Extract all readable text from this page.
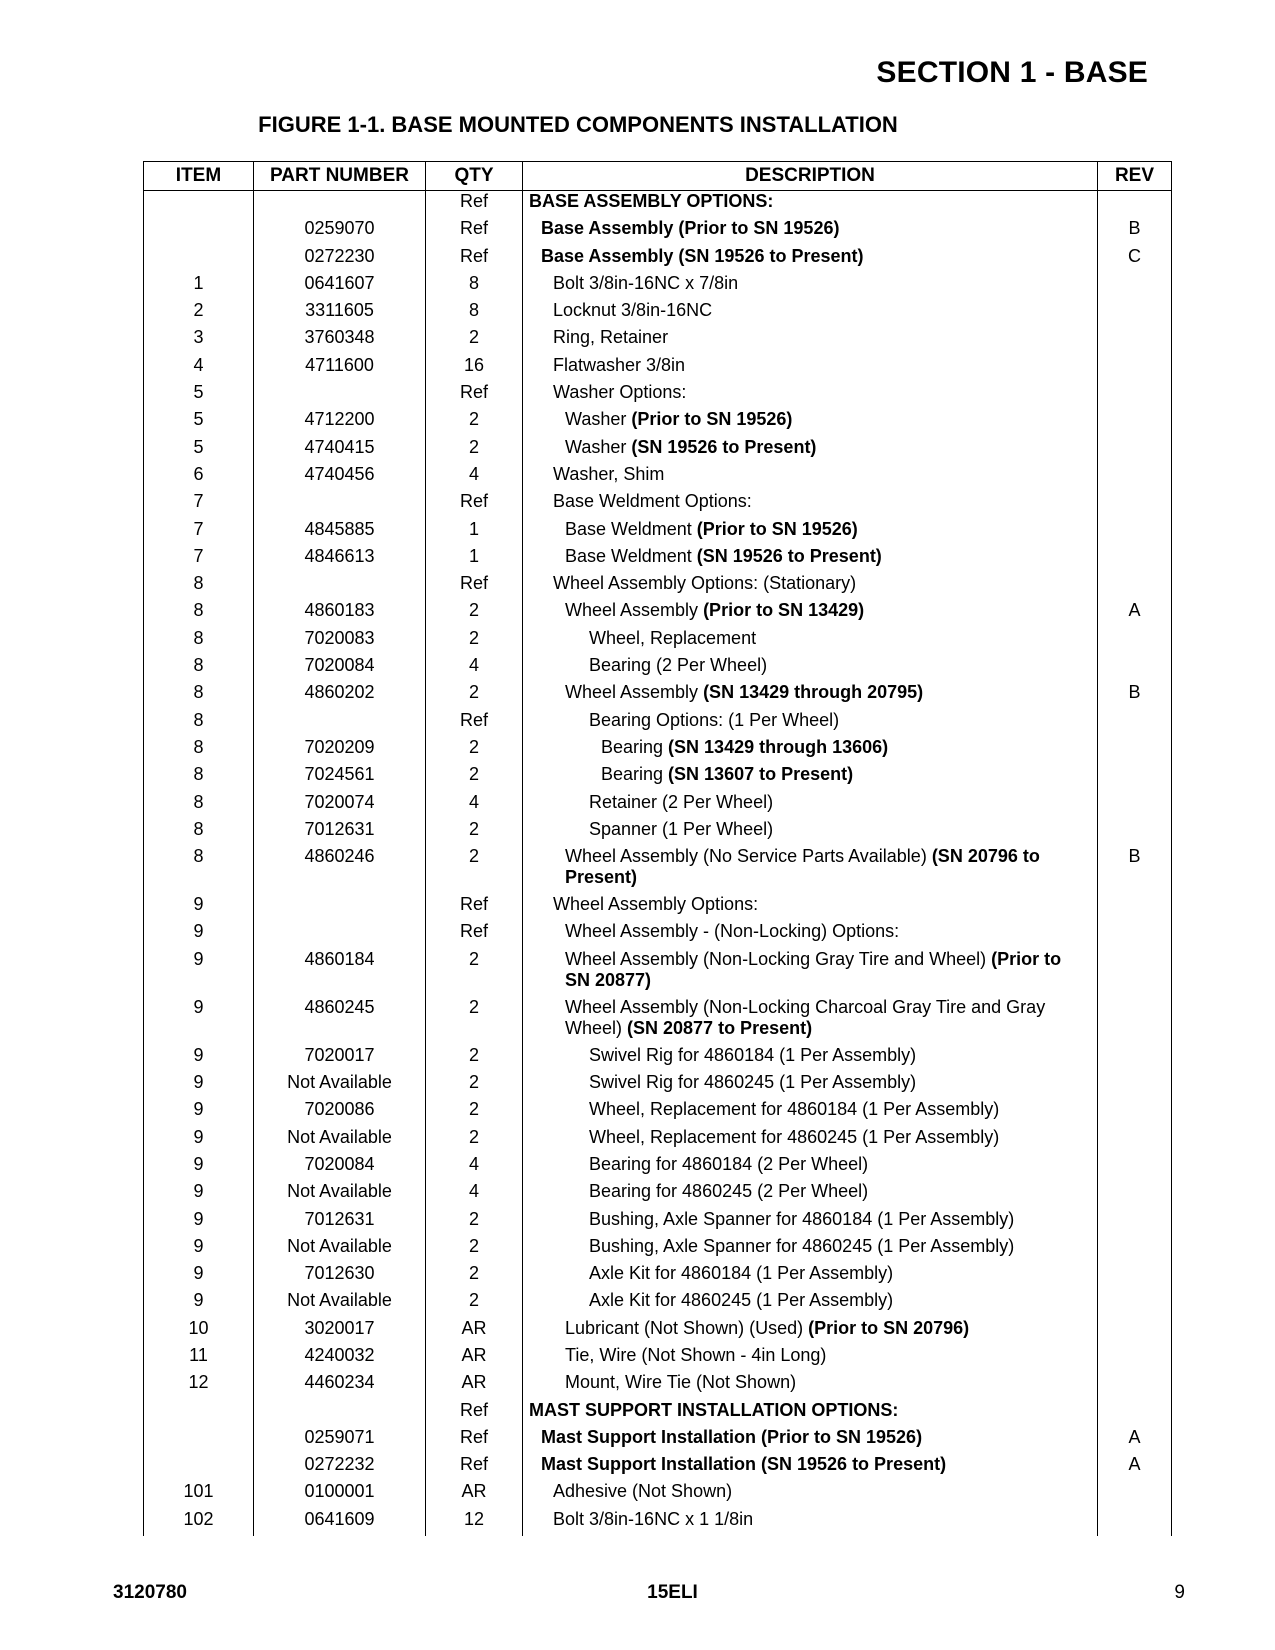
SECTION 1 - BASE
FIGURE 1-1. BASE MOUNTED COMPONENTS INSTALLATION
ITEM	PART NUMBER	QTY	DESCRIPTION	REV
		Ref	BASE ASSEMBLY OPTIONS:	
	0259070	Ref	Base Assembly (Prior to SN 19526)	B
	0272230	Ref	Base Assembly (SN 19526 to Present)	C
1	0641607	8	Bolt 3/8in-16NC x 7/8in	

2	3311605	8	Locknut 3/8in-16NC	

3	3760348	2	Ring, Retainer	

4	4711600	16	Flatwasher 3/8in	

5		Ref	Washer Options:	

5	4712200	2	Washer (Prior to SN 19526)	

5	4740415	2	Washer (SN 19526 to Present)	

6	4740456	4	Washer, Shim	

7		Ref	Base Weldment Options:	

7	4845885	1	Base Weldment (Prior to SN 19526)	

7	4846613	1	Base Weldment (SN 19526 to Present)	

8		Ref	Wheel Assembly Options: (Stationary)	

8	4860183	2	Wheel Assembly (Prior to SN 13429)	A
8	7020083	2	Wheel, Replacement	

8	7020084	4	Bearing (2 Per Wheel)	

8	4860202	2	Wheel Assembly (SN 13429 through 20795)	B
8		Ref	Bearing Options: (1 Per Wheel)	

8	7020209	2	Bearing (SN 13429 through 13606)	

8	7024561	2	Bearing (SN 13607 to Present)	

8	7020074	4	Retainer (2 Per Wheel)	

8	7012631	2	Spanner (1 Per Wheel)	

8	4860246	2	Wheel Assembly (No Service Parts Available) (SN 20796 to Present)	B
9		Ref	Wheel Assembly Options:	

9		Ref	Wheel Assembly - (Non-Locking) Options:	

9	4860184	2	Wheel Assembly (Non-Locking Gray Tire and Wheel) (Prior to SN 20877)	

9	4860245	2	Wheel Assembly (Non-Locking Charcoal Gray Tire and Gray Wheel) (SN 20877 to Present)	

9	7020017	2	Swivel Rig for 4860184 (1 Per Assembly)	

9	Not Available	2	Swivel Rig for 4860245 (1 Per Assembly)	

9	7020086	2	Wheel, Replacement for 4860184 (1 Per Assembly)	

9	Not Available	2	Wheel, Replacement for 4860245 (1 Per Assembly)	

9	7020084	4	Bearing for 4860184 (2 Per Wheel)	

9	Not Available	4	Bearing for 4860245 (2 Per Wheel)	

9	7012631	2	Bushing, Axle Spanner for 4860184 (1 Per Assembly)	

9	Not Available	2	Bushing, Axle Spanner for 4860245 (1 Per Assembly)	

9	7012630	2	Axle Kit for 4860184 (1 Per Assembly)	

9	Not Available	2	Axle Kit for 4860245 (1 Per Assembly)	

10	3020017	AR	Lubricant (Not Shown) (Used) (Prior to SN 20796)	

11	4240032	AR	Tie, Wire (Not Shown - 4in Long)	

12	4460234	AR	Mount, Wire Tie (Not Shown)	

		Ref	MAST SUPPORT INSTALLATION OPTIONS:	
	0259071	Ref	Mast Support Installation (Prior to SN 19526)	A
	0272232	Ref	Mast Support Installation (SN 19526 to Present)	A
101	0100001	AR	Adhesive (Not Shown)	

102	0641609	12	Bolt 3/8in-16NC x 1 1/8in	

3120780	15ELI	9
